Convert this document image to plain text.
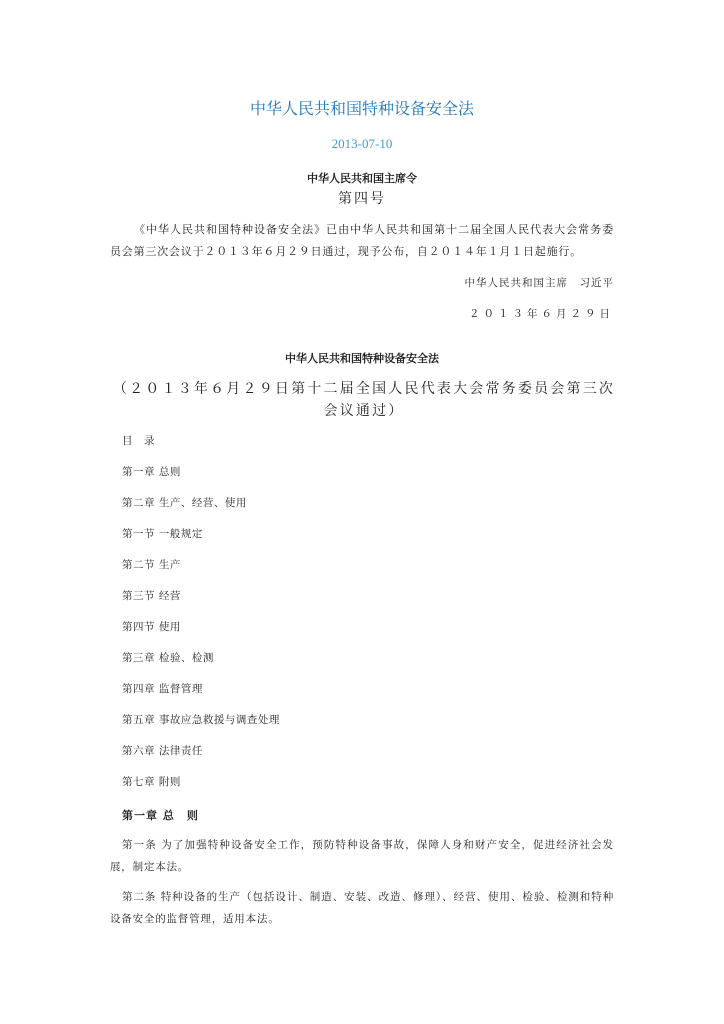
中华人民共和国特种设备安全法
2013-07-10
中华人民共和国主席令
第四号

《中华人民共和国特种设备安全法》已由中华人民共和国第十二届全国人民代表大会常务委员会第三次会议于２０１３年６月２９日通过，现予公布，自２０１４年１月１日起施行。

中华人民共和国主席　习近平
２０１３年６月２９日
中华人民共和国特种设备安全法

（２０１３年６月２９日第十二届全国人民代表大会常务委员会第三次会议通过）

目　录
第一章 总则
第二章 生产、经营、使用
第一节 一般规定
第二节 生产
第三节 经营
第四节 使用
第三章 检验、检测
第四章 监督管理
第五章 事故应急救援与调查处理
第六章 法律责任
第七章 附则
第一章 总　则

第一条 为了加强特种设备安全工作，预防特种设备事故，保障人身和财产安全，促进经济社会发展，制定本法。

第二条 特种设备的生产（包括设计、制造、安装、改造、修理）、经营、使用、检验、检测和特种设备安全的监督管理，适用本法。
